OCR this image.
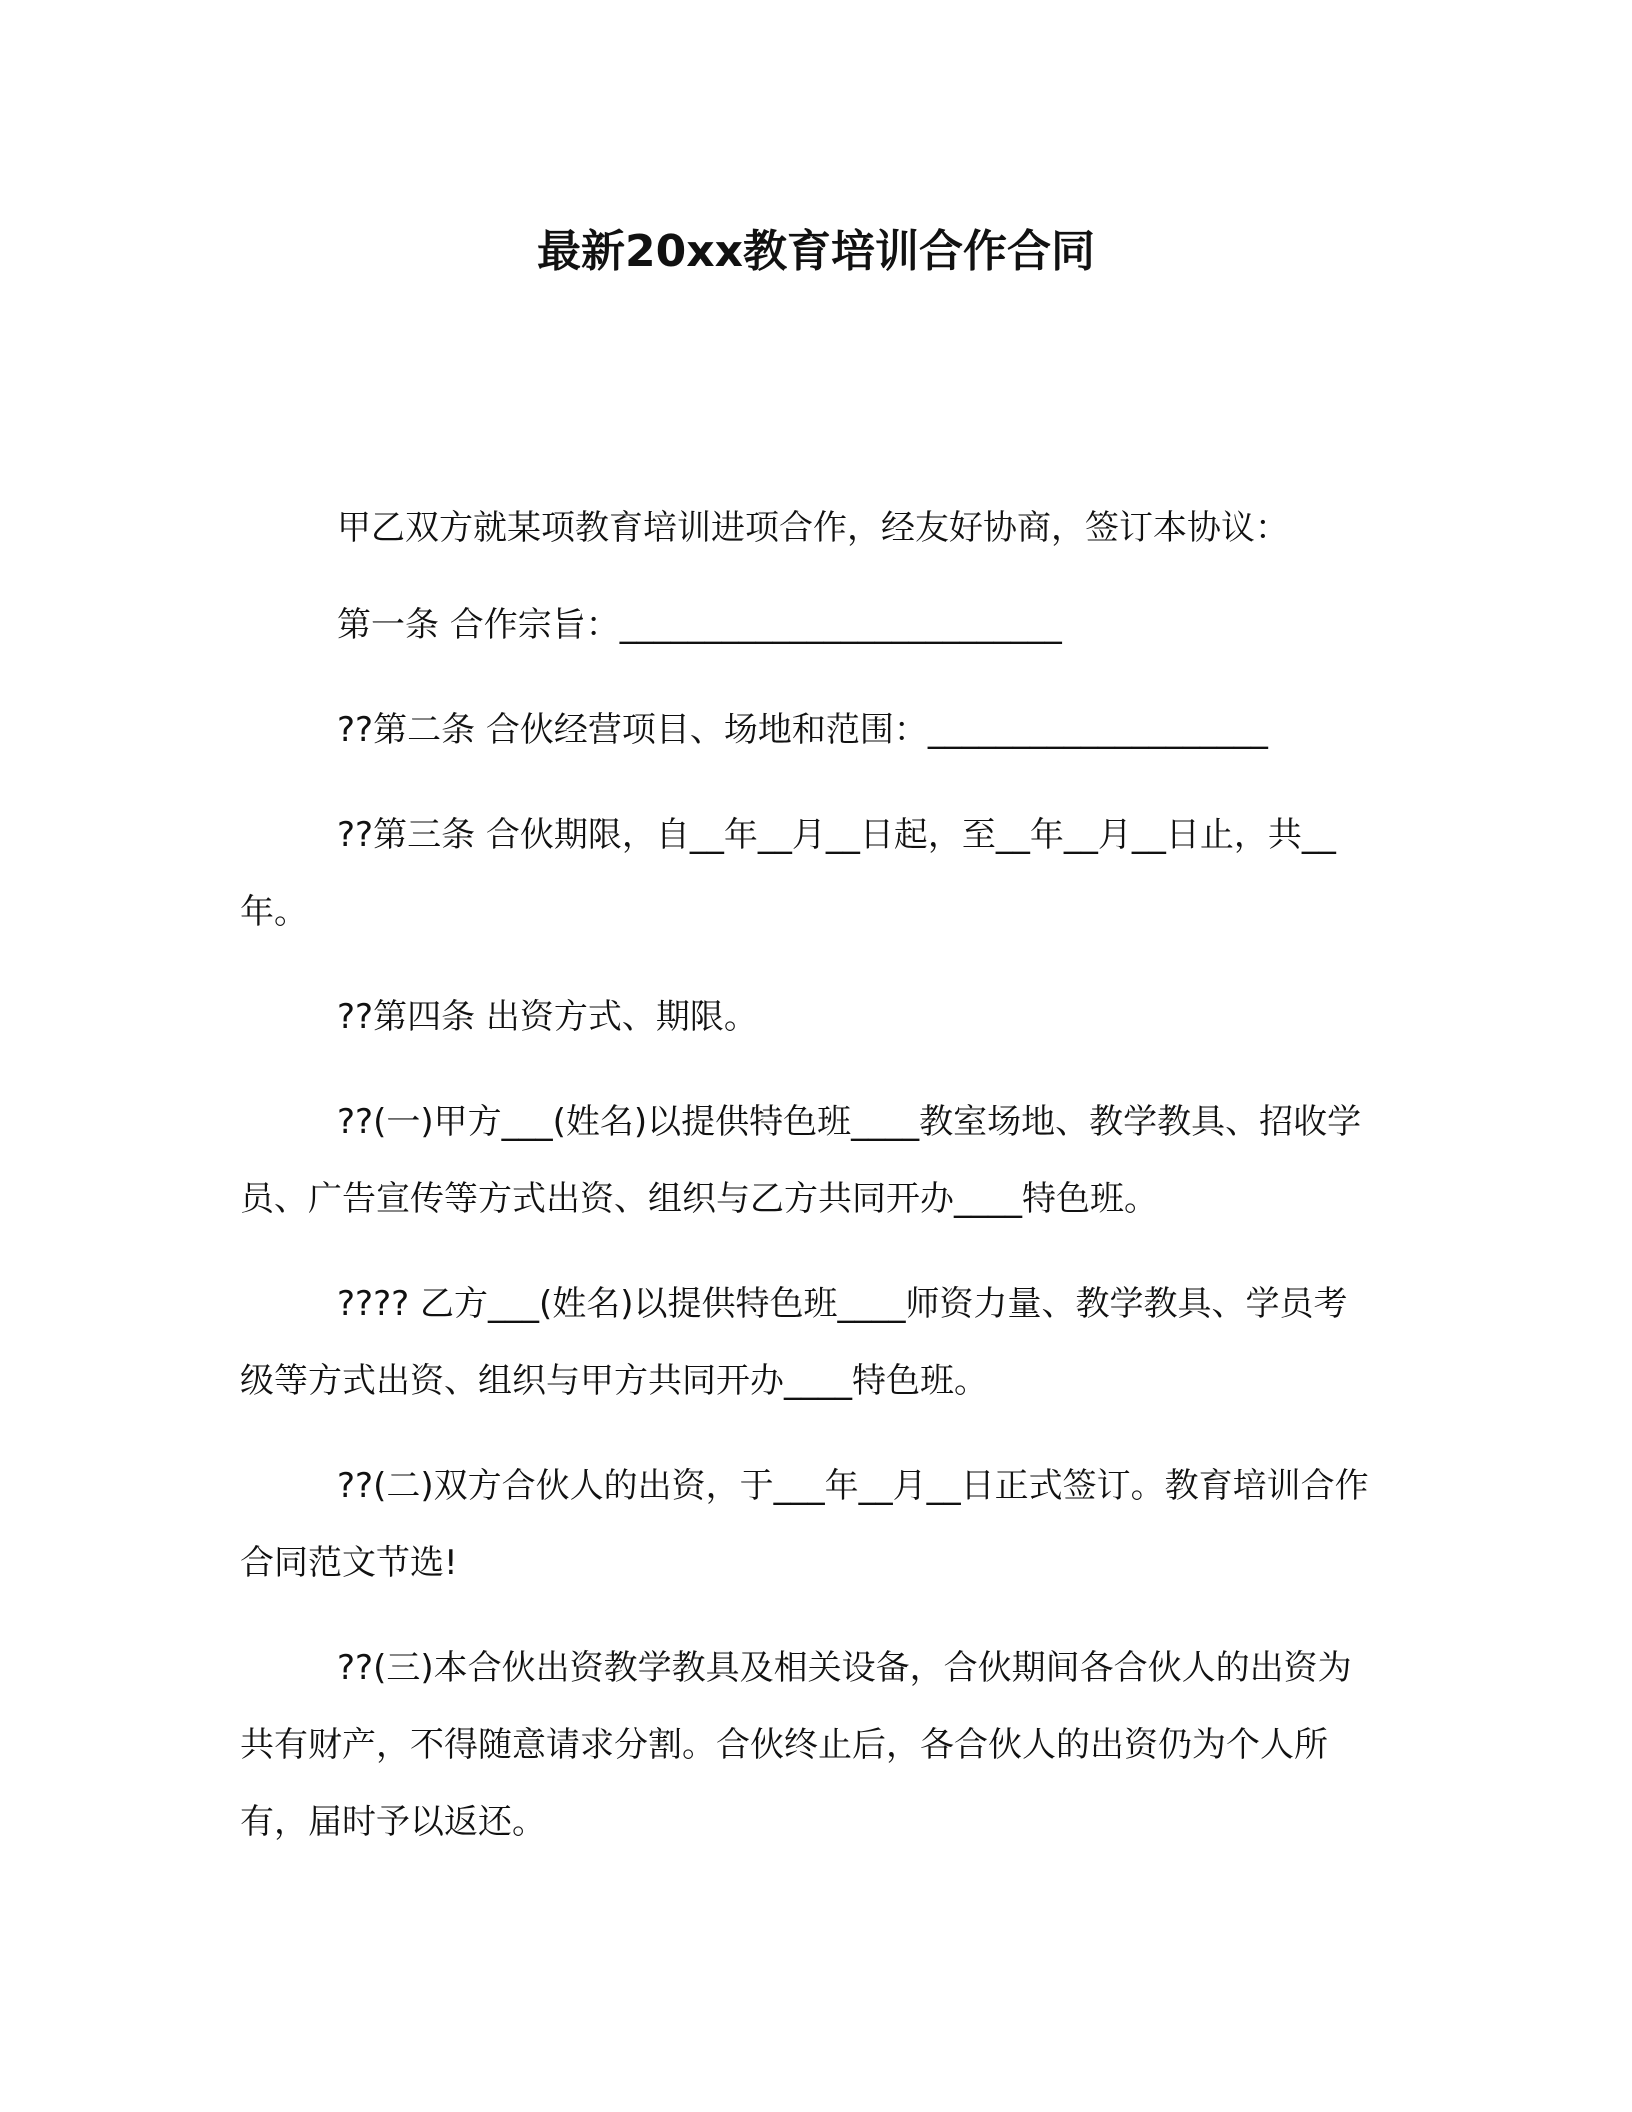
最新20xx教育培训合作合同

甲乙双方就某项教育培训进项合作，经友好协商，签订本协议：

第一条 合作宗旨：__________________________

??第二条 合伙经营项目、场地和范围：____________________

??第三条 合伙期限，自__年__月__日起，至__年__月__日止，共__年。

??第四条 出资方式、期限。

??(一)甲方___(姓名)以提供特色班____教室场地、教学教具、招收学员、广告宣传等方式出资、组织与乙方共同开办____特色班。

???? 乙方___(姓名)以提供特色班____师资力量、教学教具、学员考级等方式出资、组织与甲方共同开办____特色班。

??(二)双方合伙人的出资，于___年__月__日正式签订。教育培训合作合同范文节选!

??(三)本合伙出资教学教具及相关设备，合伙期间各合伙人的出资为共有财产，不得随意请求分割。合伙终止后，各合伙人的出资仍为个人所有，届时予以返还。
